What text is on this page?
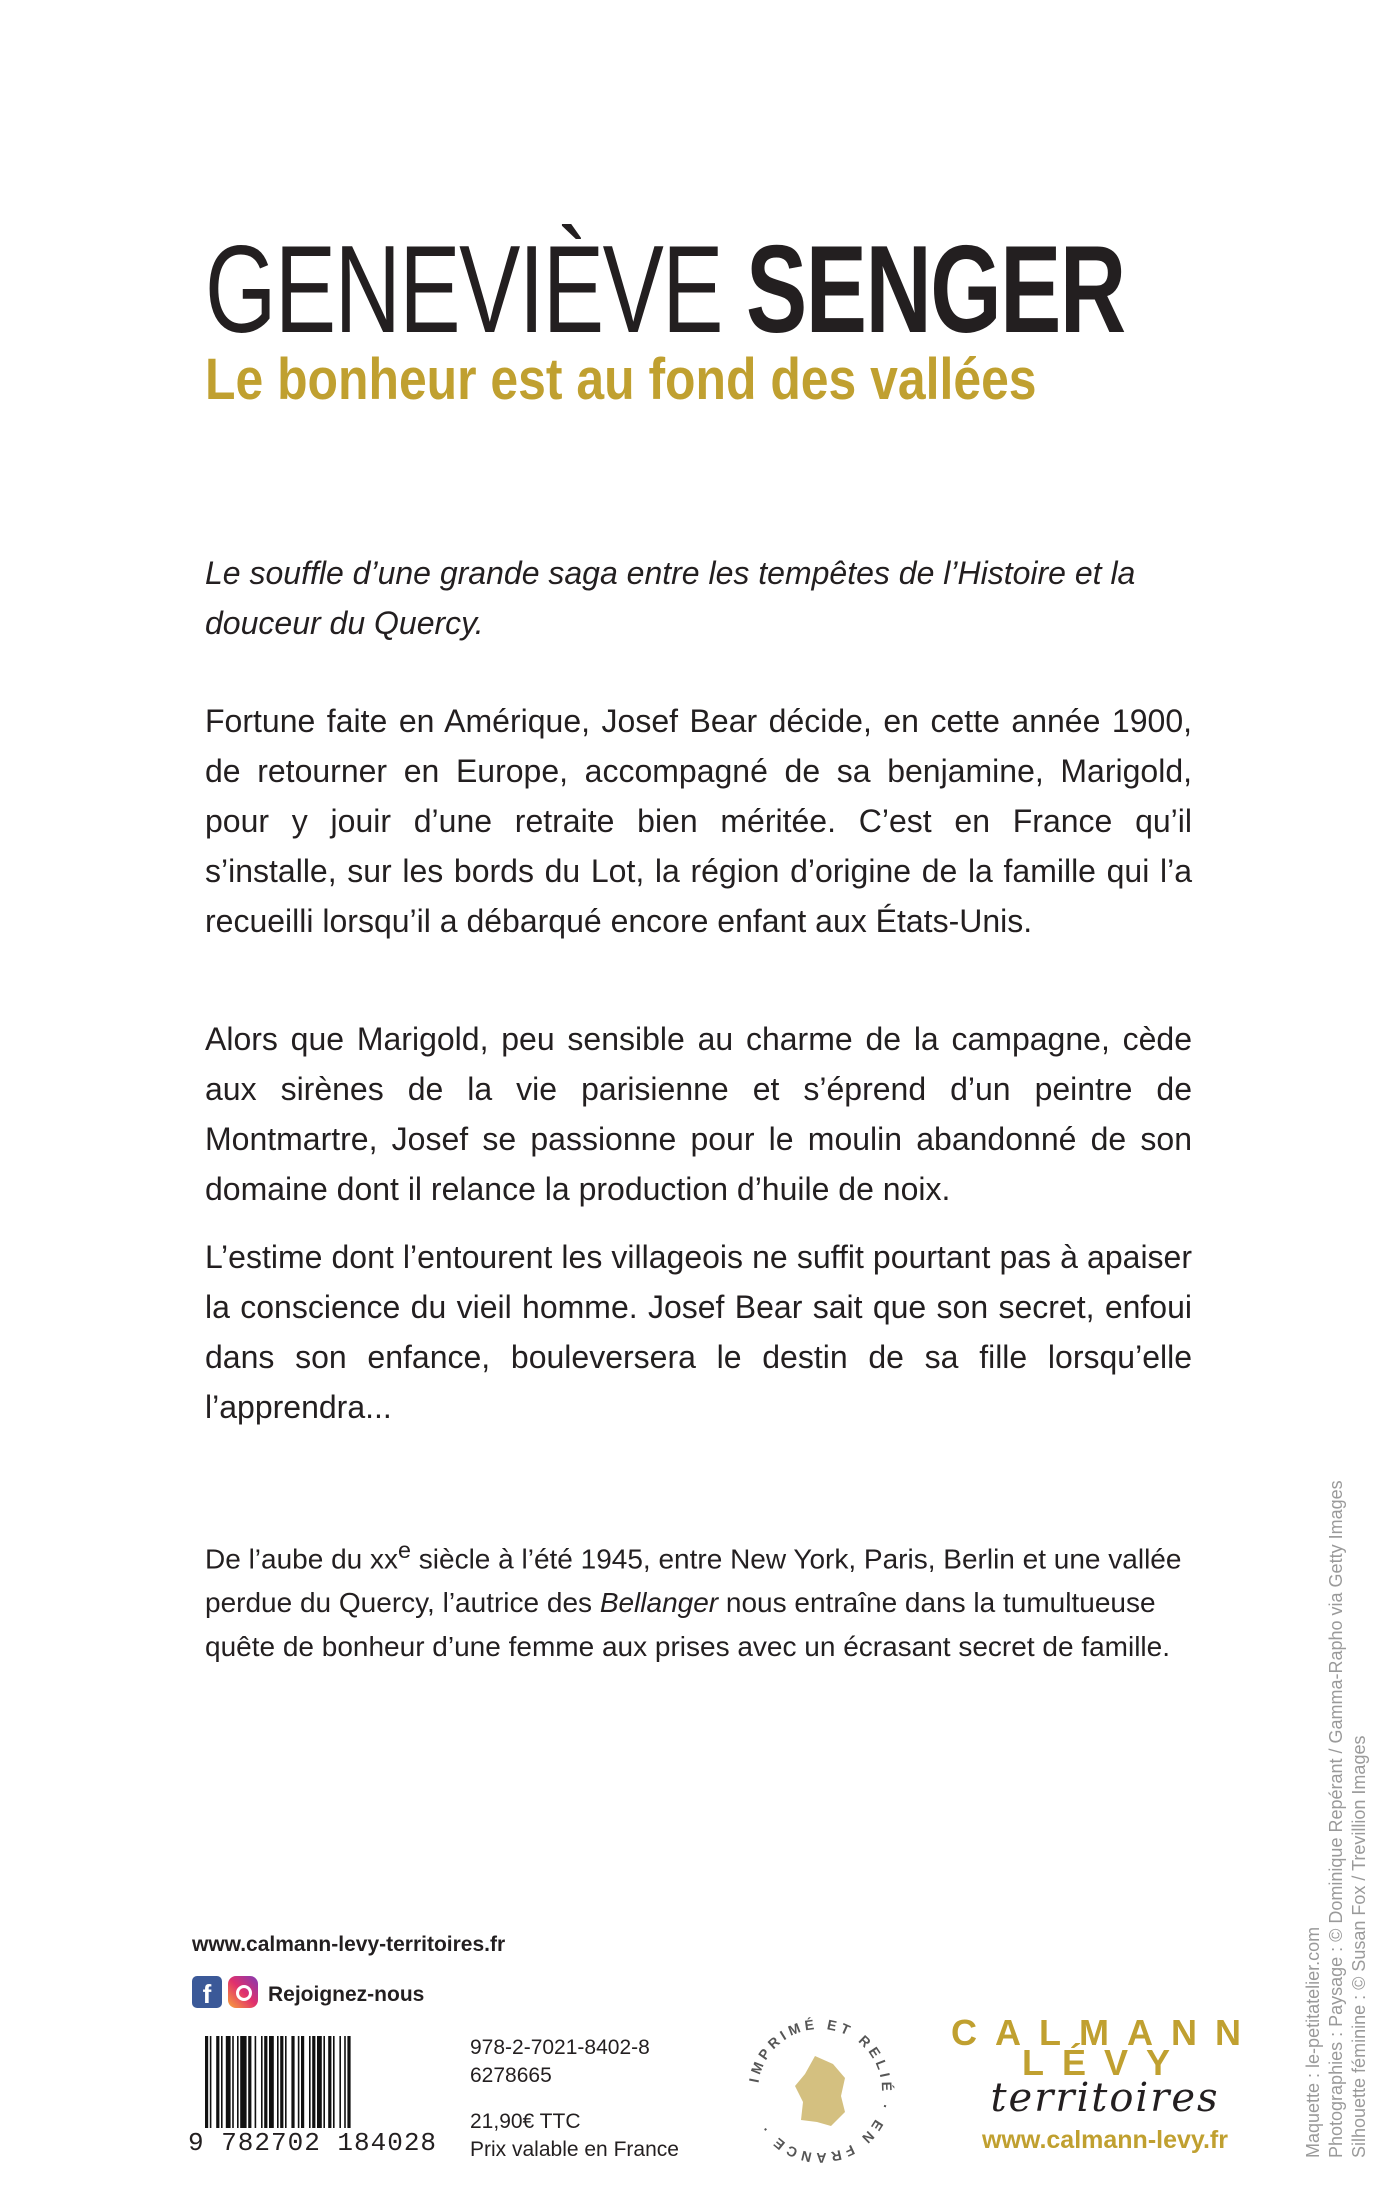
GENEVIÈVE SENGER
Le bonheur est au fond des vallées
Le souffle d’une grande saga entre les tempêtes de l’Histoire et la douceur du Quercy.
Fortune faite en Amérique, Josef Bear décide, en cette année 1900, de retourner en Europe, accompagné de sa benjamine, Marigold, pour y jouir d’une retraite bien méritée. C’est en France qu’il s’installe, sur les bords du Lot, la région d’origine de la famille qui l’a recueilli lorsqu’il a débarqué encore enfant aux États-Unis.
Alors que Marigold, peu sensible au charme de la campagne, cède aux sirènes de la vie parisienne et s’éprend d’un peintre de Montmartre, Josef se passionne pour le moulin abandonné de son domaine dont il relance la production d’huile de noix.
L’estime dont l’entourent les villageois ne suffit pourtant pas à apaiser la conscience du vieil homme. Josef Bear sait que son secret, enfoui dans son enfance, bouleversera le destin de sa fille lorsqu’elle l’apprendra...
De l’aube du $xx^e$ siècle à l’été 1945, entre New York, Paris, Berlin et une vallée perdue du Quercy, l’autrice des Bellanger nous entraîne dans la tumultueuse quête de bonheur d’une femme aux prises avec un écrasant secret de famille.
www.calmann-levy-territoires.fr
f	Rejoignez-nous
9 782702 184028
978-2-7021-8402-8
6278665
21,90€ TTC
Prix valable en France
IMPRIMÉ ET RELIÉ · EN FRANCE ·
CALMANN
LÉVY
territoires
www.calmann-levy.fr	Maquette : le-petitatelier.com Photographies : Paysage : © Dominique Repérant / Gamma-Rapho via Getty Images Silhouette féminine : © Susan Fox / Trevillion Images
